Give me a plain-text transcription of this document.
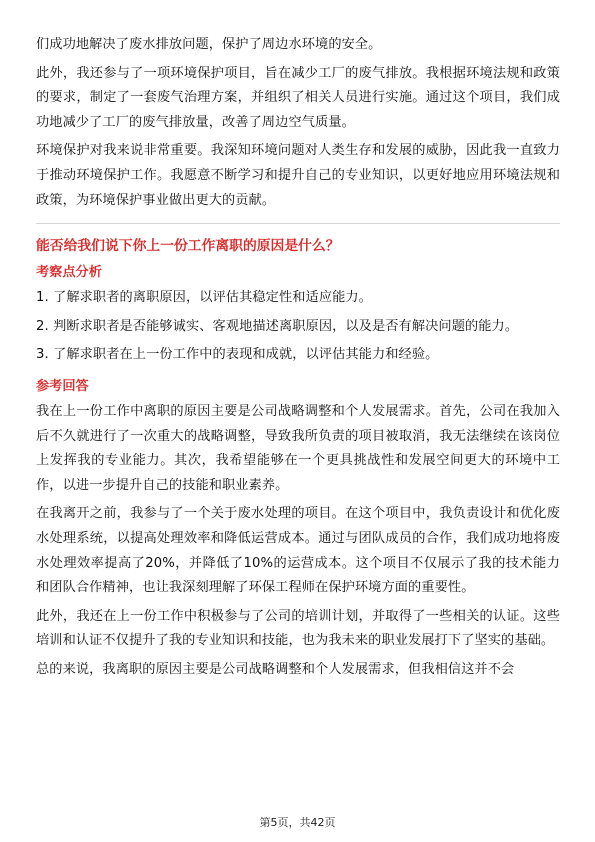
们成功地解决了废水排放问题，保护了周边水环境的安全。

此外，我还参与了一项环境保护项目，旨在减少工厂的废气排放。我根据环境法规和政策的要求，制定了一套废气治理方案，并组织了相关人员进行实施。通过这个项目，我们成功地减少了工厂的废气排放量，改善了周边空气质量。

环境保护对我来说非常重要。我深知环境问题对人类生存和发展的威胁，因此我一直致力于推动环境保护工作。我愿意不断学习和提升自己的专业知识，以更好地应用环境法规和政策，为环境保护事业做出更大的贡献。

能否给我们说下你上一份工作离职的原因是什么？
考察点分析

1. 了解求职者的离职原因，以评估其稳定性和适应能力。

2. 判断求职者是否能够诚实、客观地描述离职原因，以及是否有解决问题的能力。

3. 了解求职者在上一份工作中的表现和成就，以评估其能力和经验。

参考回答

我在上一份工作中离职的原因主要是公司战略调整和个人发展需求。首先，公司在我加入后不久就进行了一次重大的战略调整，导致我所负责的项目被取消，我无法继续在该岗位上发挥我的专业能力。其次，我希望能够在一个更具挑战性和发展空间更大的环境中工作，以进一步提升自己的技能和职业素养。

在我离开之前，我参与了一个关于废水处理的项目。在这个项目中，我负责设计和优化废水处理系统，以提高处理效率和降低运营成本。通过与团队成员的合作，我们成功地将废水处理效率提高了20%，并降低了10%的运营成本。这个项目不仅展示了我的技术能力和团队合作精神，也让我深刻理解了环保工程师在保护环境方面的重要性。

此外，我还在上一份工作中积极参与了公司的培训计划，并取得了一些相关的认证。这些培训和认证不仅提升了我的专业知识和技能，也为我未来的职业发展打下了坚实的基础。

总的来说，我离职的原因主要是公司战略调整和个人发展需求，但我相信这并不会

第5页，共42页
